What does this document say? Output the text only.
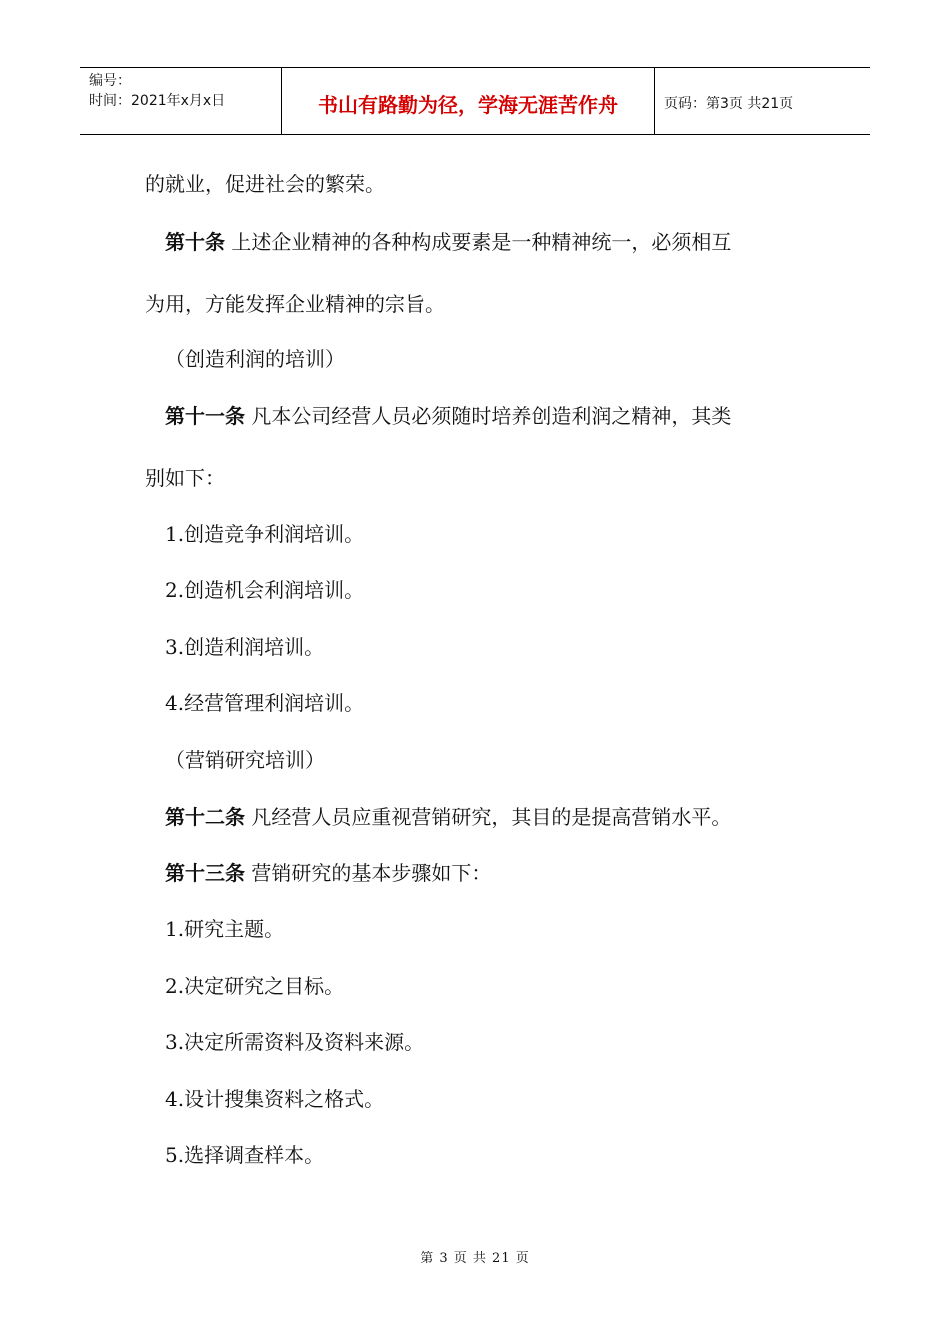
编号：
时间：2021年x月x日	书山有路勤为径，学海无涯苦作舟	页码：第3页 共21页
的就业，促进社会的繁荣。
第十条 上述企业精神的各种构成要素是一种精神统一，必须相互
为用，方能发挥企业精神的宗旨。
（创造利润的培训）
第十一条 凡本公司经营人员必须随时培养创造利润之精神，其类
别如下：
1.创造竞争利润培训。
2.创造机会利润培训。
3.创造利润培训。
4.经营管理利润培训。
（营销研究培训）
第十二条 凡经营人员应重视营销研究，其目的是提高营销水平。
第十三条 营销研究的基本步骤如下：
1.研究主题。
2.决定研究之目标。
3.决定所需资料及资料来源。
4.设计搜集资料之格式。
5.选择调查样本。
第 3 页 共 21 页
